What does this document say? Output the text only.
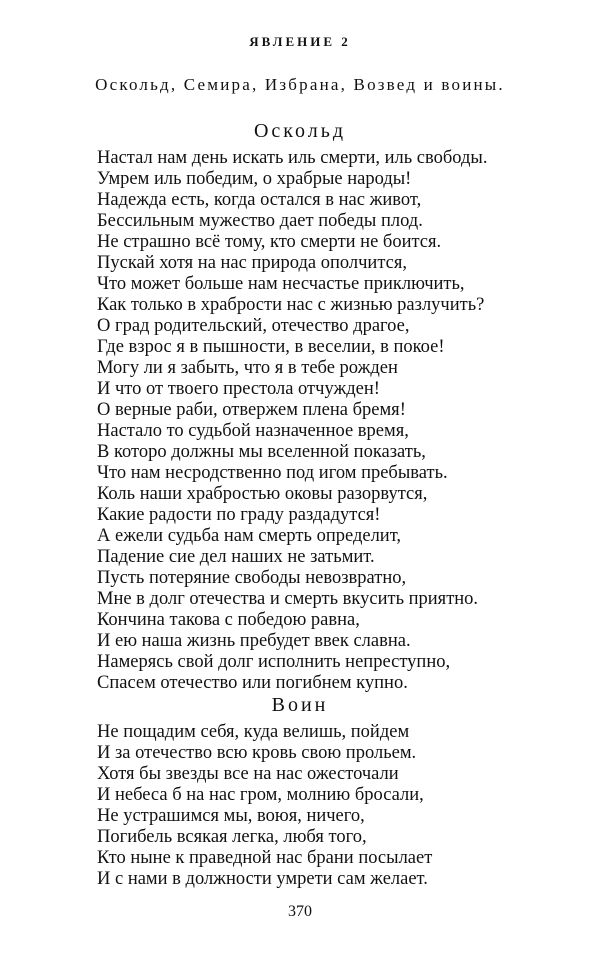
ЯВЛЕНИЕ 2
Оскольд, Семира, Избрана, Возвед и воины.
Оскольд
Настал нам день искать иль смерти, иль свободы.
Умрем иль победим, о храбрые народы!
Надежда есть, когда остался в нас живот,
Бессильным мужество дает победы плод.
Не страшно всё тому, кто смерти не боится.
Пускай хотя на нас природа ополчится,
Что может больше нам несчастье приключить,
Как только в храбрости нас с жизнью разлучить?
О град родительский, отечество драгое,
Где взрос я в пышности, в веселии, в покое!
Могу ли я забыть, что я в тебе рожден
И что от твоего престола отчужден!
О верные раби, отвержем плена бремя!
Настало то судьбой назначенное время,
В которо должны мы вселенной показать,
Что нам несродственно под игом пребывать.
Коль наши храбростью оковы разорвутся,
Какие радости по граду раздадутся!
А ежели судьба нам смерть определит,
Падение сие дел наших не затьмит.
Пусть потеряние свободы невозвратно,
Мне в долг отечества и смерть вкусить приятно.
Кончина такова с победою равна,
И ею наша жизнь пребудет ввек славна.
Намерясь свой долг исполнить непреступно,
Спасем отечество или погибнем купно.
Воин
Не пощадим себя, куда велишь, пойдем
И за отечество всю кровь свою прольем.
Хотя бы звезды все на нас ожесточали
И небеса б на нас гром, молнию бросали,
Не устрашимся мы, воюя, ничего,
Погибель всякая легка, любя того,
Кто ныне к праведной нас брани посылает
И с нами в должности умрети сам желает.
370
